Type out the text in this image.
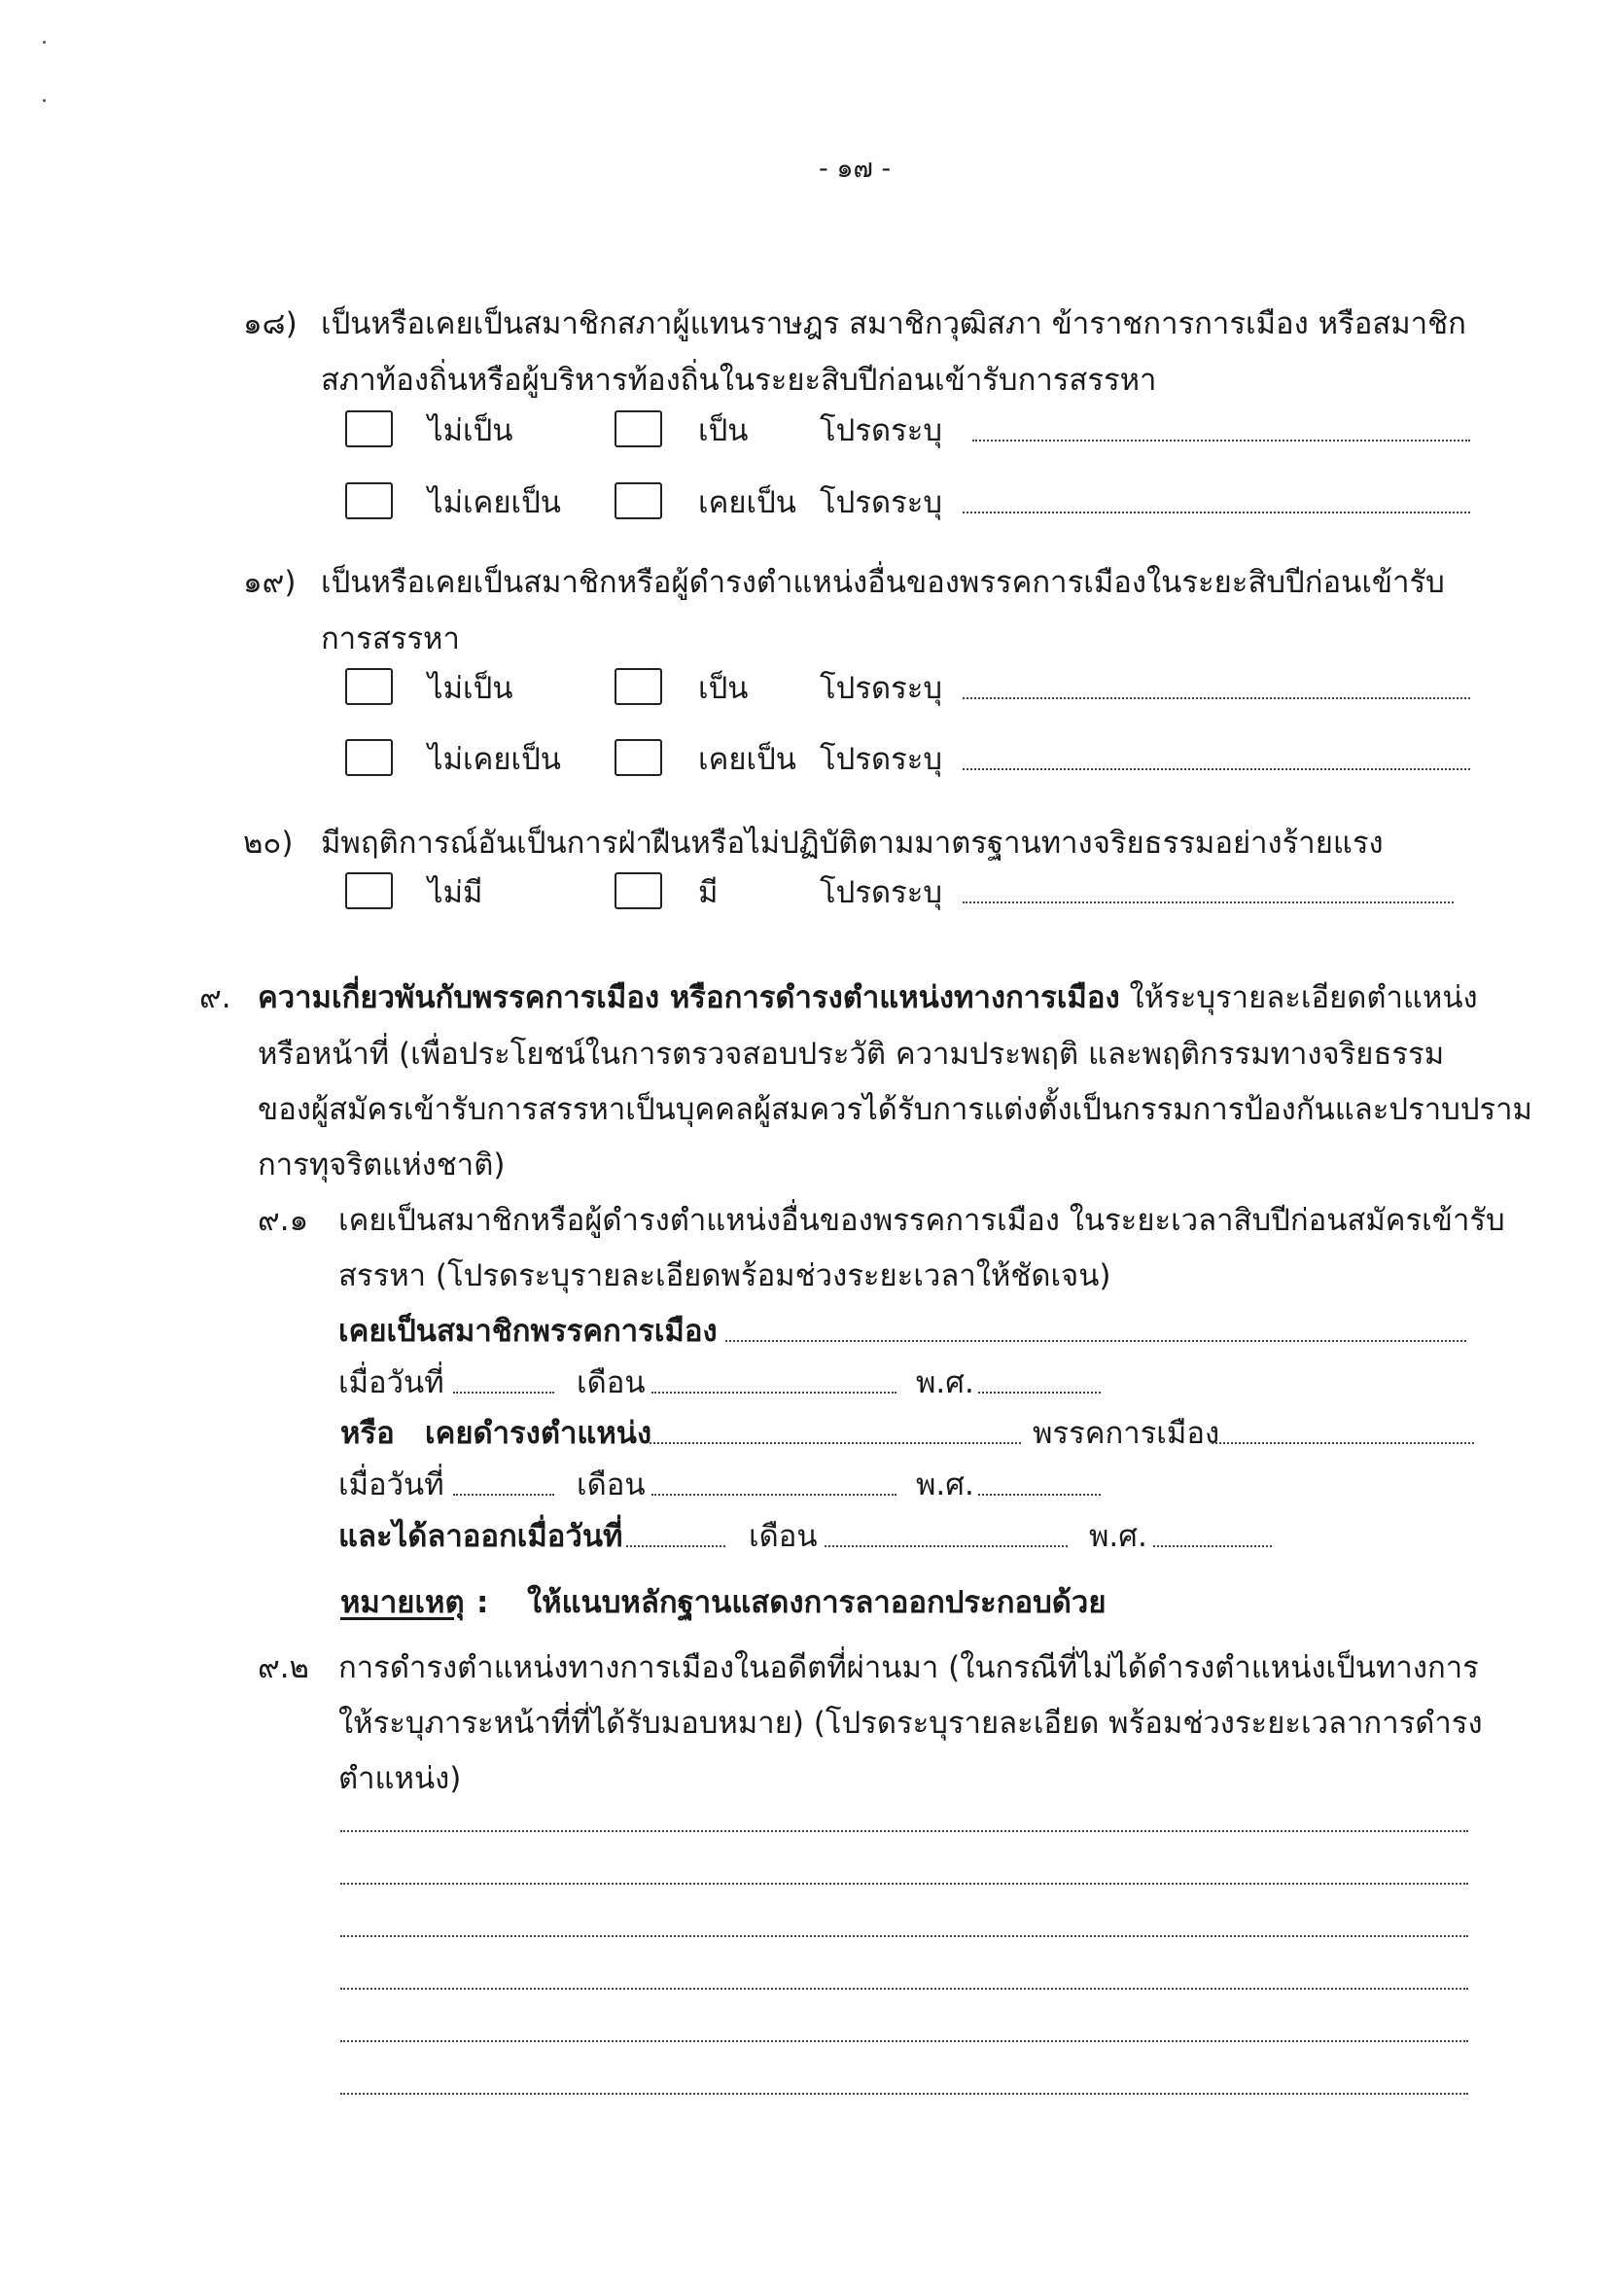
- ๑๗ -
๑๘) เป็นหรือเคยเป็นสมาชิกสภาผู้แทนราษฎร สมาชิกวุฒิสภา ข้าราชการการเมือง หรือสมาชิก
สภาท้องถิ่นหรือผู้บริหารท้องถิ่นในระยะสิบปีก่อนเข้ารับการสรรหา
ไม่เป็น	เป็น โปรดระบุ
ไม่เคยเป็น	เคยเป็น โปรดระบุ
๑๙) เป็นหรือเคยเป็นสมาชิกหรือผู้ดำรงตำแหน่งอื่นของพรรคการเมืองในระยะสิบปีก่อนเข้ารับ
การสรรหา
ไม่เป็น	เป็น โปรดระบุ
ไม่เคยเป็น	เคยเป็น โปรดระบุ
๒๐) มีพฤติการณ์อันเป็นการฝ่าฝืนหรือไม่ปฏิบัติตามมาตรฐานทางจริยธรรมอย่างร้ายแรง
ไม่มี	มี	โปรดระบุ
๙. ความเกี่ยวพันกับพรรคการเมือง หรือการดำรงตำแหน่งทางการเมือง ให้ระบุรายละเอียดตำแหน่ง
หรือหน้าที่ (เพื่อประโยชน์ในการตรวจสอบประวัติ ความประพฤติ และพฤติกรรมทางจริยธรรม
ของผู้สมัครเข้ารับการสรรหาเป็นบุคคลผู้สมควรได้รับการแต่งตั้งเป็นกรรมการป้องกันและปราบปราม
การทุจริตแห่งชาติ)
๙.๑ เคยเป็นสมาชิกหรือผู้ดำรงตำแหน่งอื่นของพรรคการเมือง ในระยะเวลาสิบปีก่อนสมัครเข้ารับ
สรรหา (โปรดระบุรายละเอียดพร้อมช่วงระยะเวลาให้ชัดเจน)
เคยเป็นสมาชิกพรรคการเมือง
เมื่อวันที่	เดือน	พ.ศ.
หรือ เคยดำรงตำแหน่ง	พรรคการเมือง
เมื่อวันที่	เดือน	พ.ศ.
และได้ลาออกเมื่อวันที่	เดือน	พ.ศ.
หมายเหตุ : ให้แนบหลักฐานแสดงการลาออกประกอบด้วย
๙.๒ การดำรงตำแหน่งทางการเมืองในอดีตที่ผ่านมา (ในกรณีที่ไม่ได้ดำรงตำแหน่งเป็นทางการ
ให้ระบุภาระหน้าที่ที่ได้รับมอบหมาย) (โปรดระบุรายละเอียด พร้อมช่วงระยะเวลาการดำรง
ตำแหน่ง)
